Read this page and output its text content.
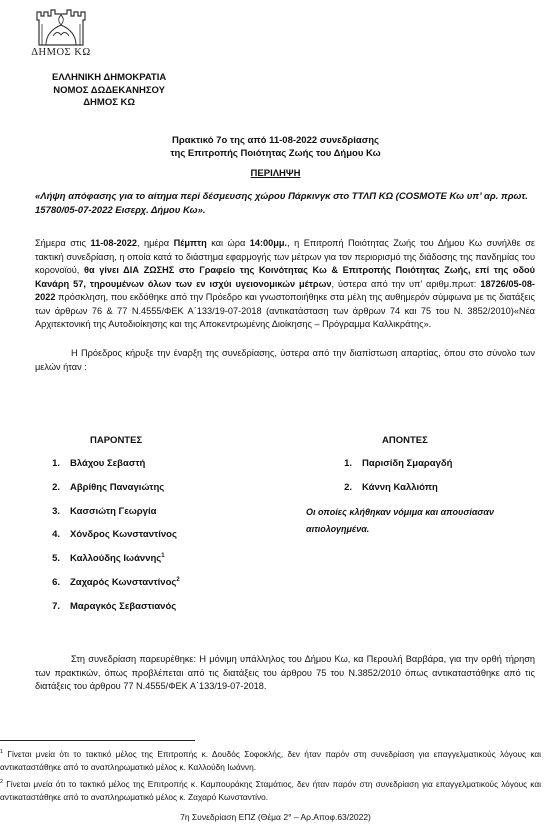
ΔΗΜΟΣ ΚΩ
ΕΛΛΗΝΙΚΗ ΔΗΜΟΚΡΑΤΙΑ
ΝΟΜΟΣ ΔΩΔΕΚΑΝΗΣΟΥ
ΔΗΜΟΣ ΚΩ
Πρακτικό 7ο της από 11-08-2022 συνεδρίασης
της Επιτροπής Ποιότητας Ζωής του Δήμου Κω
ΠΕΡΙΛΗΨΗ
«Λήψη απόφασης για το αίτημα περί δέσμευσης χώρου Πάρκινγκ στο ΤΤΛΠ ΚΩ (COSMOTE Κω υπ’ αρ. πρωτ. 15780/05-07-2022 Εισερχ. Δήμου Κω».
Σήμερα στις 11-08-2022, ημέρα Πέμπτη και ώρα 14:00μμ., η Επιτροπή Ποιότητας Ζωής του Δήμου Κω συνήλθε σε τακτική συνεδρίαση, η οποία κατά το διάστημα εφαρμογής των μέτρων για τον περιορισμό της διάδοσης της πανδημίας του κορονοϊού, θα γίνει ΔΙΑ ΖΩΣΗΣ στο Γραφείο της Κοινότητας Κω & Επιτροπής Ποιότητας Ζωής, επί της οδού Κανάρη 57, τηρουμένων όλων των εν ισχύι υγειονομικών μέτρων, ύστερα από την υπ’ αριθμ.πρωτ: 18726/05-08-2022 πρόσκληση, που εκδόθηκε από την Πρόεδρο και γνωστοποιήθηκε στα μέλη της αυθημερόν σύμφωνα με τις διατάξεις των άρθρων 76 & 77 Ν.4555/ΦΕΚ Α΄133/19-07-2018 (αντικατάσταση των άρθρων 74 και 75 του Ν. 3852/2010)«Νέα Αρχιτεκτονική της Αυτοδιοίκησης και της Αποκεντρωμένης Διοίκησης – Πρόγραμμα Καλλικράτης».
Η Πρόεδρος κήρυξε την έναρξη της συνεδρίασης, ύστερα από την διαπίστωση απαρτίας, όπου στο σύνολο των μελών ήταν :
ΠΑΡΟΝΤΕΣ	ΑΠΟΝΤΕΣ
1. Βλάχου Σεβαστή
2. Αβρίθης Παναγιώτης
3. Κασσιώτη Γεωργία
4. Χόνδρος Κωνσταντίνος
5. Καλλούδης Ιωάννης$^1$
6. Ζαχαρός Κωνσταντίνος$^2$
7. Μαραγκός Σεβαστιανός
1. Παρισίδη Σμαραγδή
2. Κάννη Καλλιόπη
Οι οποίες κλήθηκαν νόμιμα και απουσίασαν αιτιολογημένα.
Στη συνεδρίαση παρευρέθηκε: Η μόνιμη υπάλληλος του Δήμου Κω, κα Περουλή Βαρβάρα, για την ορθή τήρηση των πρακτικών, όπως προβλέπεται από τις διατάξεις του άρθρου 75 του Ν.3852/2010 όπως αντικαταστάθηκε από τις διατάξεις του άρθρου 77 Ν.4555/ΦΕΚ Α΄133/19-07-2018.
$^1$ Γίνεται μνεία ότι το τακτικό μέλος της Επιτροπής κ. Δουδός Σοφοκλής, δεν ήταν παρόν στη συνεδρίαση για επαγγελματικούς λόγους και αντικαταστάθηκε από το αναπληρωματικό μέλος κ. Καλλούδη Ιωάννη.
$^2$ Γίνεται μνεία ότι το τακτικό μέλος της Επιτροπής κ. Καμπουράκης Σταμάτιος, δεν ήταν παρόν στη συνεδρίαση για επαγγελματικούς λόγους και αντικαταστάθηκε από το αναπληρωματικό μέλος κ. Ζαχαρό Κωνσταντίνο.
7η Συνεδρίαση ΕΠΖ (Θέμα 2° – Αρ.Αποφ.63/2022)
